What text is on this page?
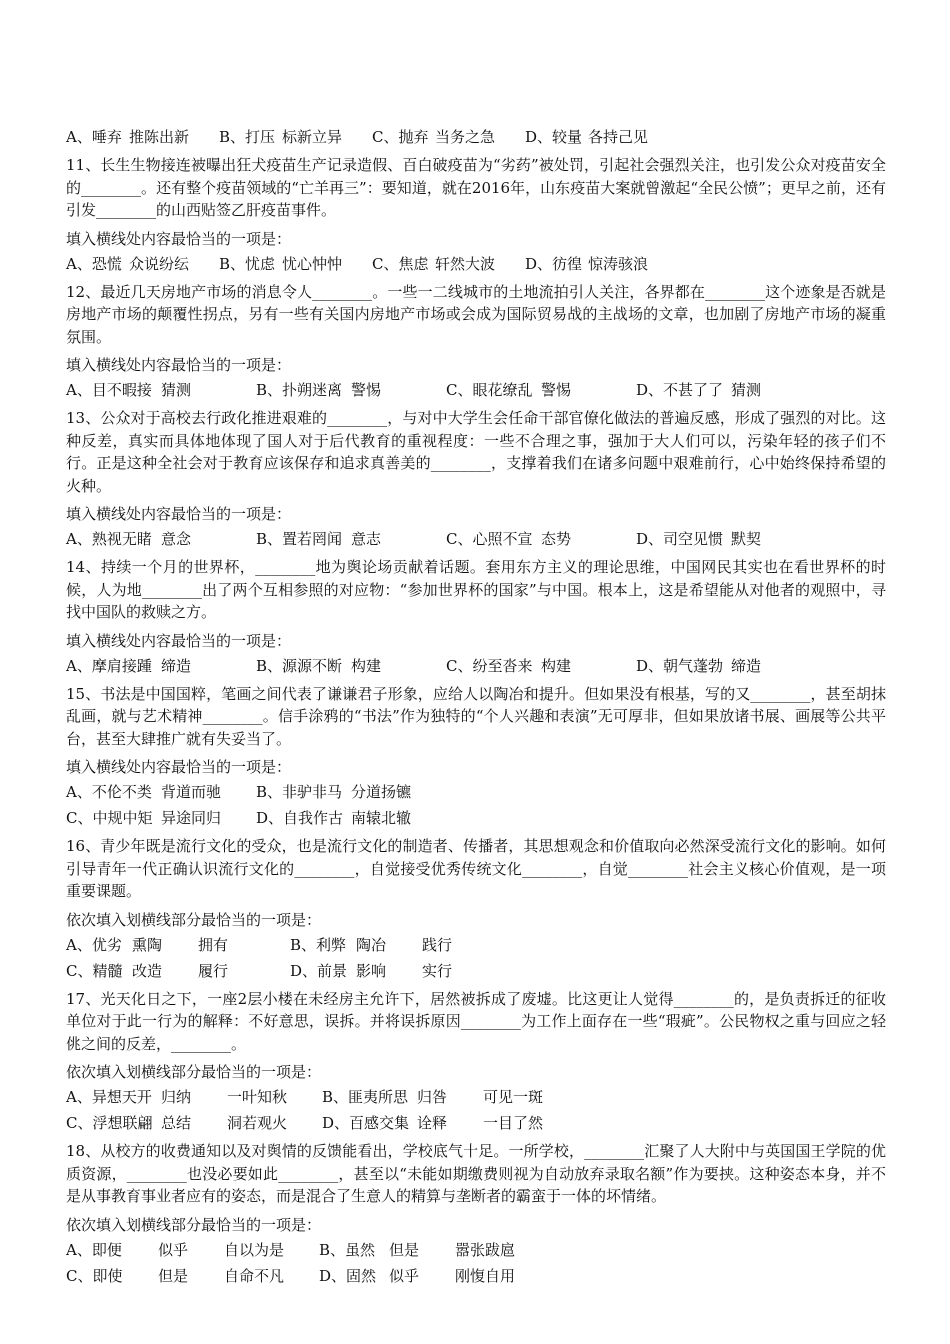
A、唾弃 推陈出新 B、打压 标新立异 C、抛弃 当务之急 D、较量 各持己见
11、长生生物接连被曝出狂犬疫苗生产记录造假、百白破疫苗为“劣药”被处罚，引起社会强烈关注，也引发公众对疫苗安全的________。还有整个疫苗领域的“亡羊再三”：要知道，就在2016年，山东疫苗大案就曾激起“全民公愤”；更早之前，还有引发________的山西贴签乙肝疫苗事件。
填入横线处内容最恰当的一项是：
A、恐慌 众说纷纭 B、忧虑 忧心忡忡 C、焦虑 轩然大波 D、彷徨 惊涛骇浪
12、最近几天房地产市场的消息令人________。一些一二线城市的土地流拍引人关注，各界都在________这个迹象是否就是房地产市场的颠覆性拐点，另有一些有关国内房地产市场或会成为国际贸易战的主战场的文章，也加剧了房地产市场的凝重氛围。
填入横线处内容最恰当的一项是：
A、目不暇接 猜测	B、扑朔迷离 警惕	C、眼花缭乱 警惕	D、不甚了了 猜测
13、公众对于高校去行政化推进艰难的________，与对中大学生会任命干部官僚化做法的普遍反感，形成了强烈的对比。这种反差，真实而具体地体现了国人对于后代教育的重视程度：一些不合理之事，强加于大人们可以，污染年轻的孩子们不行。正是这种全社会对于教育应该保存和追求真善美的________，支撑着我们在诸多问题中艰难前行，心中始终保持希望的火种。
填入横线处内容最恰当的一项是：
A、熟视无睹 意念	B、置若罔闻 意志	C、心照不宣 态势	D、司空见惯 默契
14、持续一个月的世界杯，________地为舆论场贡献着话题。套用东方主义的理论思维，中国网民其实也在看世界杯的时候，人为地________出了两个互相参照的对应物：“参加世界杯的国家”与中国。根本上，这是希望能从对他者的观照中，寻找中国队的救赎之方。
填入横线处内容最恰当的一项是：
A、摩肩接踵 缔造	B、源源不断 构建	C、纷至沓来 构建	D、朝气蓬勃 缔造
15、书法是中国国粹，笔画之间代表了谦谦君子形象，应给人以陶冶和提升。但如果没有根基，写的又________，甚至胡抹乱画，就与艺术精神________。信手涂鸦的“书法”作为独特的“个人兴趣和表演”无可厚非，但如果放诸书展、画展等公共平台，甚至大肆推广就有失妥当了。
填入横线处内容最恰当的一项是：
A、不伦不类 背道而驰 B、非驴非马 分道扬镳
C、中规中矩 异途同归 D、自我作古 南辕北辙
16、青少年既是流行文化的受众，也是流行文化的制造者、传播者，其思想观念和价值取向必然深受流行文化的影响。如何引导青年一代正确认识流行文化的________，自觉接受优秀传统文化________，自觉________社会主义核心价值观，是一项重要课题。
依次填入划横线部分最恰当的一项是：
A、优劣 熏陶 拥有	B、利弊 陶冶 践行
C、精髓 改造 履行	D、前景 影响 实行
17、光天化日之下，一座2层小楼在未经房主允许下，居然被拆成了废墟。比这更让人觉得________的，是负责拆迁的征收单位对于此一行为的解释：不好意思，误拆。并将误拆原因________为工作上面存在一些“瑕疵”。公民物权之重与回应之轻佻之间的反差，________。
依次填入划横线部分最恰当的一项是：
A、异想天开 归纳 一叶知秋 B、匪夷所思 归咎 可见一斑
C、浮想联翩 总结 洞若观火 D、百感交集 诠释 一目了然
18、从校方的收费通知以及对舆情的反馈能看出，学校底气十足。一所学校，________汇聚了人大附中与英国国王学院的优质资源，________也没必要如此________，甚至以“未能如期缴费则视为自动放弃录取名额”作为要挟。这种姿态本身，并不是从事教育事业者应有的姿态，而是混合了生意人的精算与垄断者的霸蛮于一体的坏情绪。
依次填入划横线部分最恰当的一项是：
A、即便 似乎 自以为是 B、虽然 但是 嚣张跋扈
C、即使 但是 自命不凡 D、固然 似乎 刚愎自用
